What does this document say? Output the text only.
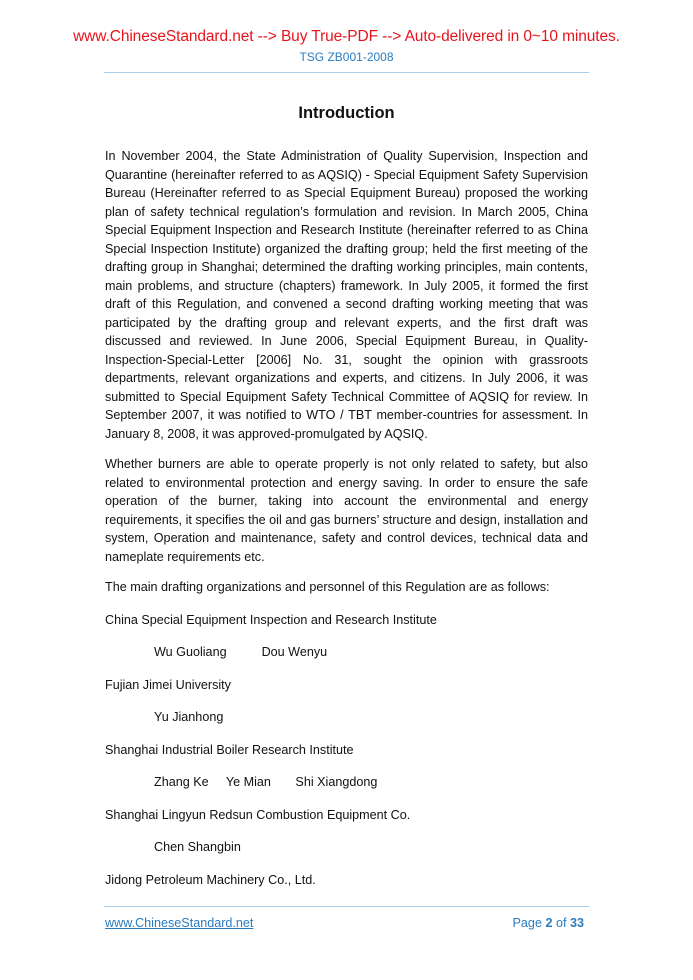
www.ChineseStandard.net --> Buy True-PDF --> Auto-delivered in 0~10 minutes.
TSG ZB001-2008
Introduction

In November 2004, the State Administration of Quality Supervision, Inspection and Quarantine (hereinafter referred to as AQSIQ) - Special Equipment Safety Supervision Bureau (Hereinafter referred to as Special Equipment Bureau) proposed the working plan of safety technical regulation’s formulation and revision. In March 2005, China Special Equipment Inspection and Research Institute (hereinafter referred to as China Special Inspection Institute) organized the drafting group; held the first meeting of the drafting group in Shanghai; determined the drafting working principles, main contents, main problems, and structure (chapters) framework. In July 2005, it formed the first draft of this Regulation, and convened a second drafting working meeting that was participated by the drafting group and relevant experts, and the first draft was discussed and reviewed. In June 2006, Special Equipment Bureau, in Quality-Inspection-Special-Letter [2006] No. 31, sought the opinion with grassroots departments, relevant organizations and experts, and citizens. In July 2006, it was submitted to Special Equipment Safety Technical Committee of AQSIQ for review. In September 2007, it was notified to WTO / TBT member-countries for assessment. In January 8, 2008, it was approved-promulgated by AQSIQ.

Whether burners are able to operate properly is not only related to safety, but also related to environmental protection and energy saving. In order to ensure the safe operation of the burner, taking into account the environmental and energy requirements, it specifies the oil and gas burners’ structure and design, installation and system, Operation and maintenance, safety and control devices, technical data and nameplate requirements etc.

The main drafting organizations and personnel of this Regulation are as follows:

China Special Equipment Inspection and Research Institute
Wu Guoliang          Dou Wenyu
Fujian Jimei University
Yu Jianhong
Shanghai Industrial Boiler Research Institute
Zhang Ke     Ye Mian       Shi Xiangdong
Shanghai Lingyun Redsun Combustion Equipment Co.
Chen Shangbin
Jidong Petroleum Machinery Co., Ltd.
www.ChineseStandard.net	Page 2 of 33
